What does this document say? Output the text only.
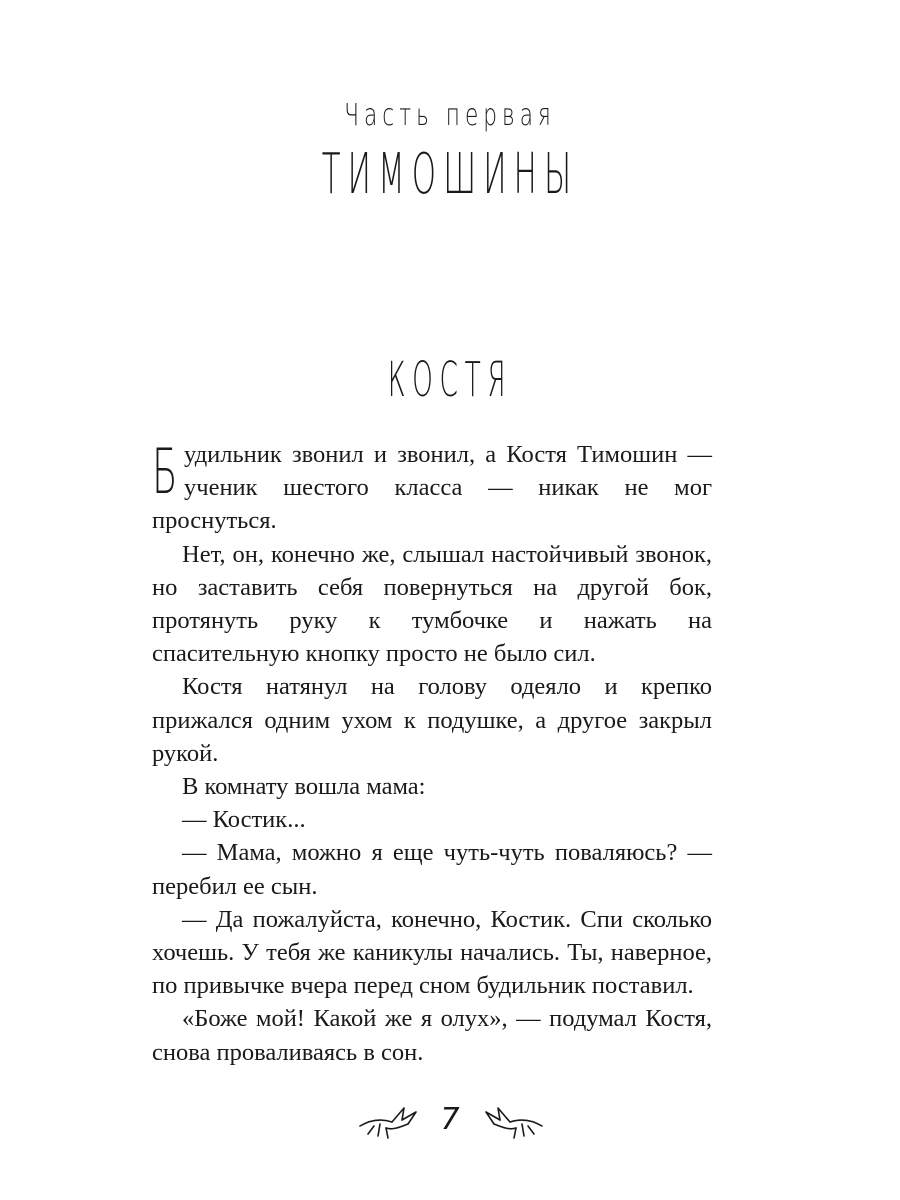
Часть первая
ТИМОШИНЫ
КОСТЯ

Будильник звонил и звонил, а Костя Тимошин — ученик шестого класса — никак не мог проснуться.

Нет, он, конечно же, слышал настойчивый звонок, но заставить себя повернуться на другой бок, протянуть руку к тумбочке и нажать на спасительную кнопку просто не было сил.

Костя натянул на голову одеяло и крепко прижался одним ухом к подушке, а другое закрыл рукой.

В комнату вошла мама:

— Костик...

— Мама, можно я еще чуть-чуть поваляюсь? — перебил ее сын.

— Да пожалуйста, конечно, Костик. Спи сколько хочешь. У тебя же каникулы начались. Ты, наверное, по привычке вчера перед сном будильник поставил.

«Боже мой! Какой же я олух», — подумал Костя, снова проваливаясь в сон.

7
